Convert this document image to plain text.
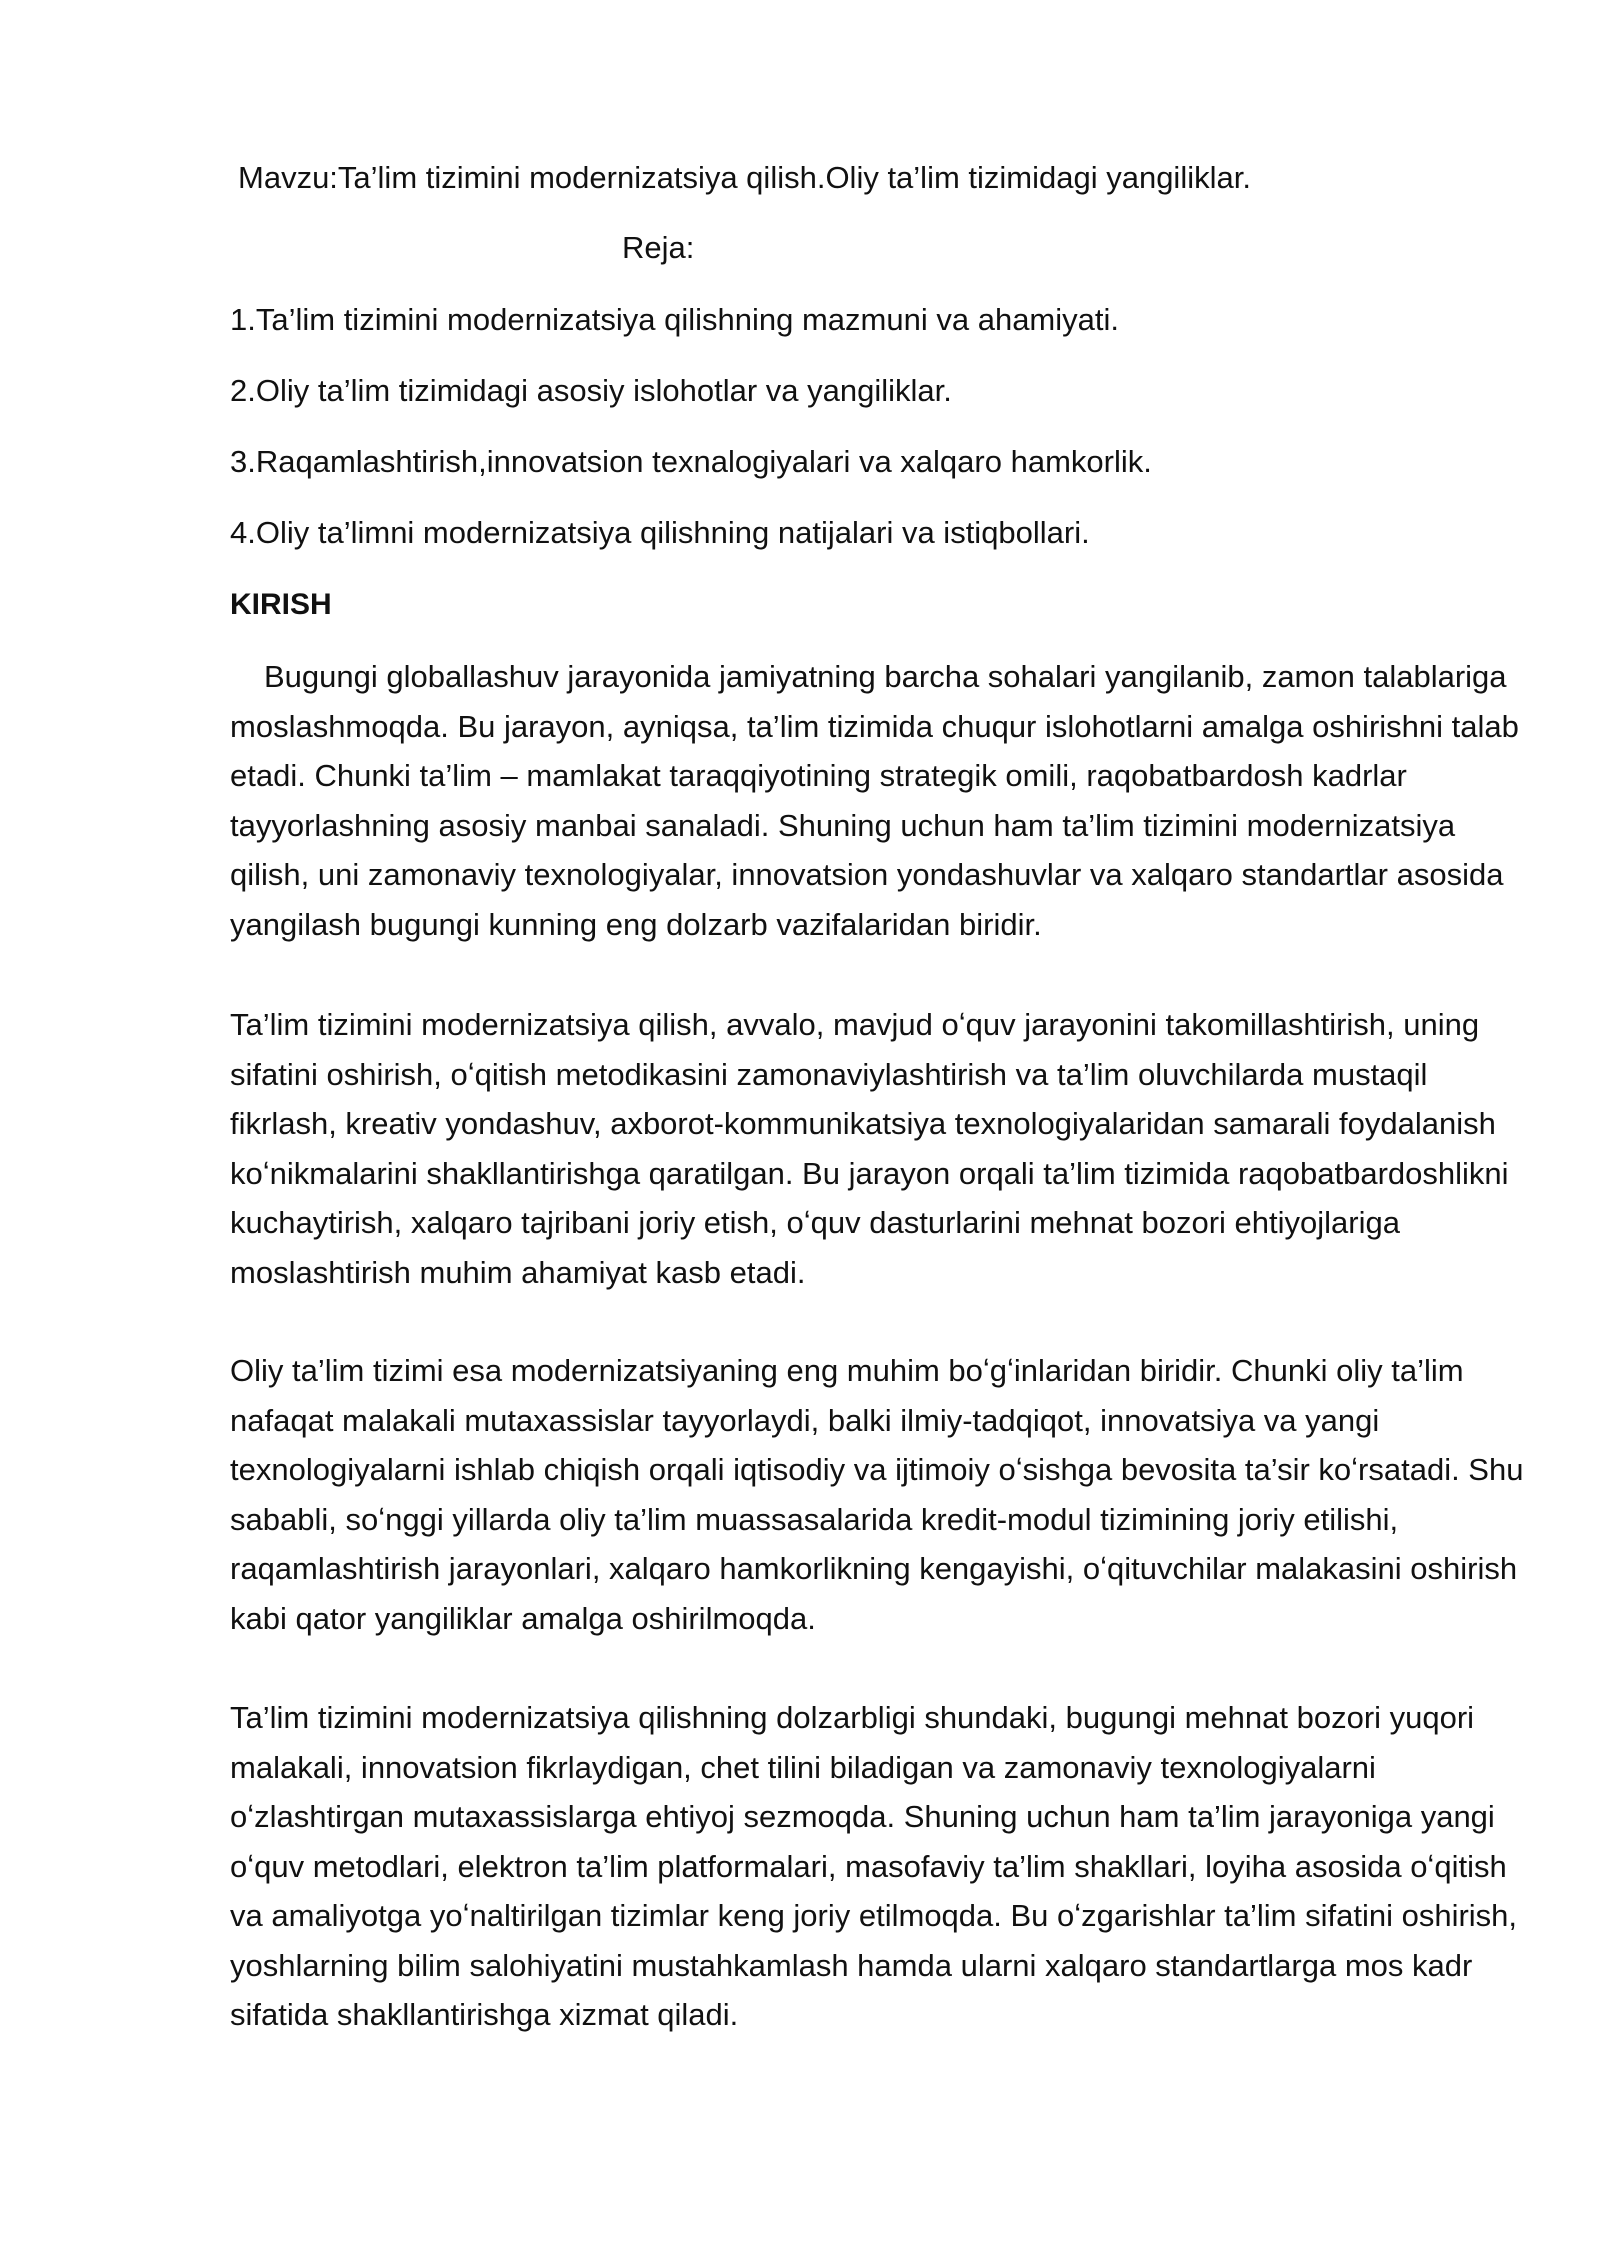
Mavzu:Ta’lim tizimini modernizatsiya qilish.Oliy ta’lim tizimidagi yangiliklar.

Reja:

1.Ta’lim tizimini modernizatsiya qilishning mazmuni va ahamiyati.

2.Oliy ta’lim tizimidagi asosiy islohotlar va yangiliklar.

3.Raqamlashtirish,innovatsion texnalogiyalari va xalqaro hamkorlik.

4.Oliy ta’limni modernizatsiya qilishning natijalari va istiqbollari.

KIRISH

Bugungi globallashuv jarayonida jamiyatning barcha sohalari yangilanib, zamon talablariga moslashmoqda. Bu jarayon, ayniqsa, ta’lim tizimida chuqur islohotlarni amalga oshirishni talab etadi. Chunki ta’lim – mamlakat taraqqiyotining strategik omili, raqobatbardosh kadrlar tayyorlashning asosiy manbai sanaladi. Shuning uchun ham ta’lim tizimini modernizatsiya qilish, uni zamonaviy texnologiyalar, innovatsion yondashuvlar va xalqaro standartlar asosida yangilash bugungi kunning eng dolzarb vazifalaridan biridir.

Ta’lim tizimini modernizatsiya qilish, avvalo, mavjud oʻquv jarayonini takomillashtirish, uning sifatini oshirish, oʻqitish metodikasini zamonaviylashtirish va ta’lim oluvchilarda mustaqil fikrlash, kreativ yondashuv, axborot-kommunikatsiya texnologiyalaridan samarali foydalanish koʻnikmalarini shakllantirishga qaratilgan. Bu jarayon orqali ta’lim tizimida raqobatbardoshlikni kuchaytirish, xalqaro tajribani joriy etish, oʻquv dasturlarini mehnat bozori ehtiyojlariga moslashtirish muhim ahamiyat kasb etadi.

Oliy ta’lim tizimi esa modernizatsiyaning eng muhim boʻgʻinlaridan biridir. Chunki oliy ta’lim nafaqat malakali mutaxassislar tayyorlaydi, balki ilmiy-tadqiqot, innovatsiya va yangi texnologiyalarni ishlab chiqish orqali iqtisodiy va ijtimoiy oʻsishga bevosita ta’sir koʻrsatadi. Shu sababli, soʻnggi yillarda oliy ta’lim muassasalarida kredit-modul tizimining joriy etilishi, raqamlashtirish jarayonlari, xalqaro hamkorlikning kengayishi, oʻqituvchilar malakasini oshirish kabi qator yangiliklar amalga oshirilmoqda.

Ta’lim tizimini modernizatsiya qilishning dolzarbligi shundaki, bugungi mehnat bozori yuqori malakali, innovatsion fikrlaydigan, chet tilini biladigan va zamonaviy texnologiyalarni oʻzlashtirgan mutaxassislarga ehtiyoj sezmoqda. Shuning uchun ham ta’lim jarayoniga yangi oʻquv metodlari, elektron ta’lim platformalari, masofaviy ta’lim shakllari, loyiha asosida oʻqitish va amaliyotga yoʻnaltirilgan tizimlar keng joriy etilmoqda. Bu oʻzgarishlar ta’lim sifatini oshirish, yoshlarning bilim salohiyatini mustahkamlash hamda ularni xalqaro standartlarga mos kadr sifatida shakllantirishga xizmat qiladi.
